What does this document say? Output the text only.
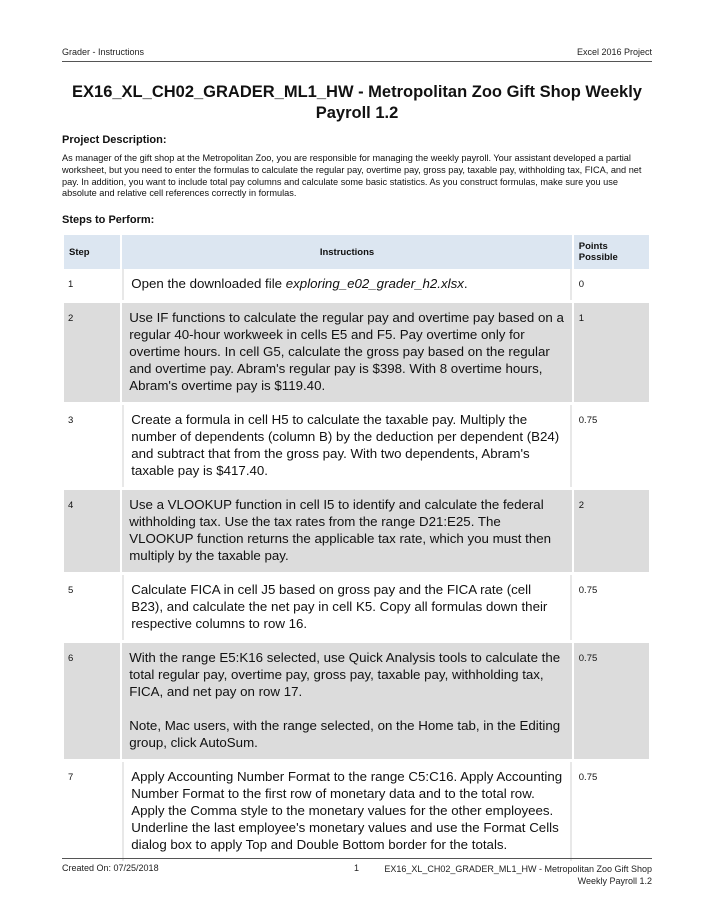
Grader - Instructions	Excel 2016 Project
EX16_XL_CH02_GRADER_ML1_HW - Metropolitan Zoo Gift Shop Weekly Payroll 1.2
Project Description:
As manager of the gift shop at the Metropolitan Zoo, you are responsible for managing the weekly payroll. Your assistant developed a partial worksheet, but you need to enter the formulas to calculate the regular pay, overtime pay, gross pay, taxable pay, withholding tax, FICA, and net pay. In addition, you want to include total pay columns and calculate some basic statistics. As you construct formulas, make sure you use absolute and relative cell references correctly in formulas.
Steps to Perform:
Step	Instructions	Points Possible
1	Open the downloaded file exploring_e02_grader_h2.xlsx.	0

2	Use IF functions to calculate the regular pay and overtime pay based on a regular 40-hour workweek in cells E5 and F5. Pay overtime only for overtime hours. In cell G5, calculate the gross pay based on the regular and overtime pay. Abram's regular pay is $398. With 8 overtime hours, Abram's overtime pay is $119.40.	1

3	Create a formula in cell H5 to calculate the taxable pay. Multiply the number of dependents (column B) by the deduction per dependent (B24) and subtract that from the gross pay. With two dependents, Abram's taxable pay is $417.40.	0.75

4	Use a VLOOKUP function in cell I5 to identify and calculate the federal withholding tax. Use the tax rates from the range D21:E25. The VLOOKUP function returns the applicable tax rate, which you must then multiply by the taxable pay.	2

5	Calculate FICA in cell J5 based on gross pay and the FICA rate (cell B23), and calculate the net pay in cell K5. Copy all formulas down their respective columns to row 16.	0.75

6	With the range E5:K16 selected, use Quick Analysis tools to calculate the total regular pay, overtime pay, gross pay, taxable pay, withholding tax, FICA, and net pay on row 17.
Note, Mac users, with the range selected, on the Home tab, in the Editing group, click AutoSum.	0.75

7	Apply Accounting Number Format to the range C5:C16. Apply Accounting Number Format to the first row of monetary data and to the total row. Apply the Comma style to the monetary values for the other employees. Underline the last employee's monetary values and use the Format Cells dialog box to apply Top and Double Bottom border for the totals.	0.75
Created On: 07/25/2018	1	EX16_XL_CH02_GRADER_ML1_HW - Metropolitan Zoo Gift Shop
Weekly Payroll 1.2
